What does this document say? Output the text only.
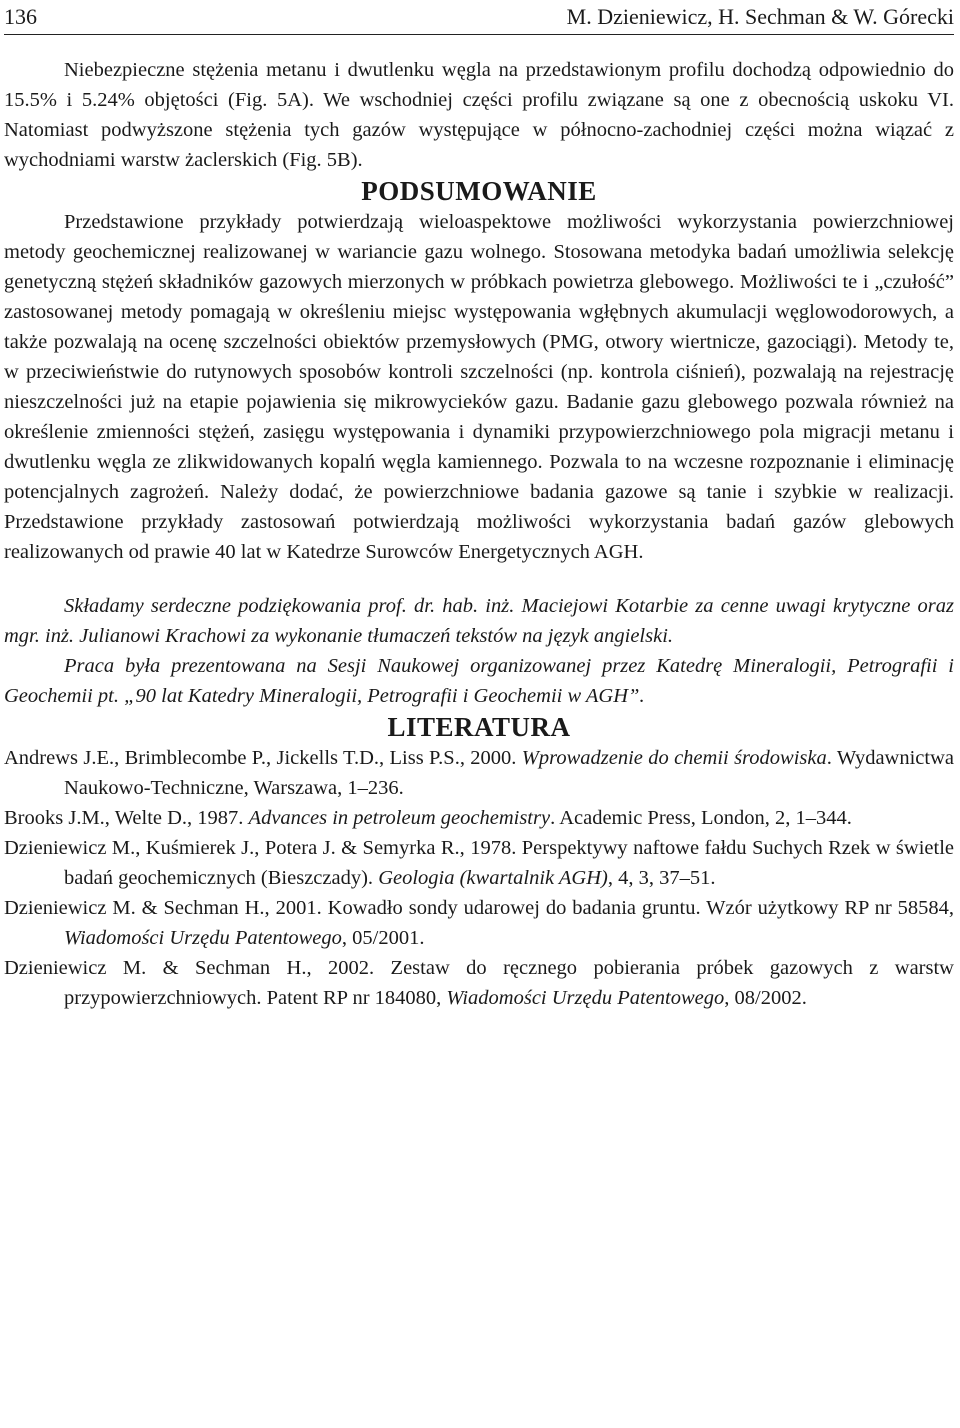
136	M. Dzieniewicz, H. Sechman & W. Górecki

Niebezpieczne stężenia metanu i dwutlenku węgla na przedstawionym profilu dochodzą odpowiednio do 15.5% i 5.24% objętości (Fig. 5A). We wschodniej części profilu związane są one z obecnością uskoku VI. Natomiast podwyższone stężenia tych gazów występujące w północno-zachodniej części można wiązać z wychodniami warstw żaclerskich (Fig. 5B).

PODSUMOWANIE

Przedstawione przykłady potwierdzają wieloaspektowe możliwości wykorzystania powierzchniowej metody geochemicznej realizowanej w wariancie gazu wolnego. Stosowana metodyka badań umożliwia selekcję genetyczną stężeń składników gazowych mierzonych w próbkach powietrza glebowego. Możliwości te i „czułość” zastosowanej metody pomagają w określeniu miejsc występowania wgłębnych akumulacji węglowodorowych, a także pozwalają na ocenę szczelności obiektów przemysłowych (PMG, otwory wiertnicze, gazociągi). Metody te, w przeciwieństwie do rutynowych sposobów kontroli szczelności (np. kontrola ciśnień), pozwalają na rejestrację nieszczelności już na etapie pojawienia się mikrowycieków gazu. Badanie gazu glebowego pozwala również na określenie zmienności stężeń, zasięgu występowania i dynamiki przypowierzchniowego pola migracji metanu i dwutlenku węgla ze zlikwidowanych kopalń węgla kamiennego. Pozwala to na wczesne rozpoznanie i eliminację potencjalnych zagrożeń. Należy dodać, że powierzchniowe badania gazowe są tanie i szybkie w realizacji. Przedstawione przykłady zastosowań potwierdzają możliwości wykorzystania badań gazów glebowych realizowanych od prawie 40 lat w Katedrze Surowców Energetycznych AGH.

Składamy serdeczne podziękowania prof. dr. hab. inż. Maciejowi Kotarbie za cenne uwagi krytyczne oraz mgr. inż. Julianowi Krachowi za wykonanie tłumaczeń tekstów na język angielski.

Praca była prezentowana na Sesji Naukowej organizowanej przez Katedrę Mineralogii, Petrografii i Geochemii pt. „90 lat Katedry Mineralogii, Petrografii i Geochemii w AGH”.

LITERATURA

Andrews J.E., Brimblecombe P., Jickells T.D., Liss P.S., 2000. Wprowadzenie do chemii środowiska. Wydawnictwa Naukowo-Techniczne, Warszawa, 1–236.

Brooks J.M., Welte D., 1987. Advances in petroleum geochemistry. Academic Press, London, 2, 1–344.

Dzieniewicz M., Kuśmierek J., Potera J. & Semyrka R., 1978. Perspektywy naftowe fałdu Suchych Rzek w świetle badań geochemicznych (Bieszczady). Geologia (kwartalnik AGH), 4, 3, 37–51.

Dzieniewicz M. & Sechman H., 2001. Kowadło sondy udarowej do badania gruntu. Wzór użytkowy RP nr 58584, Wiadomości Urzędu Patentowego, 05/2001.

Dzieniewicz M. & Sechman H., 2002. Zestaw do ręcznego pobierania próbek gazowych z warstw przypowierzchniowych. Patent RP nr 184080, Wiadomości Urzędu Patentowego, 08/2002.
